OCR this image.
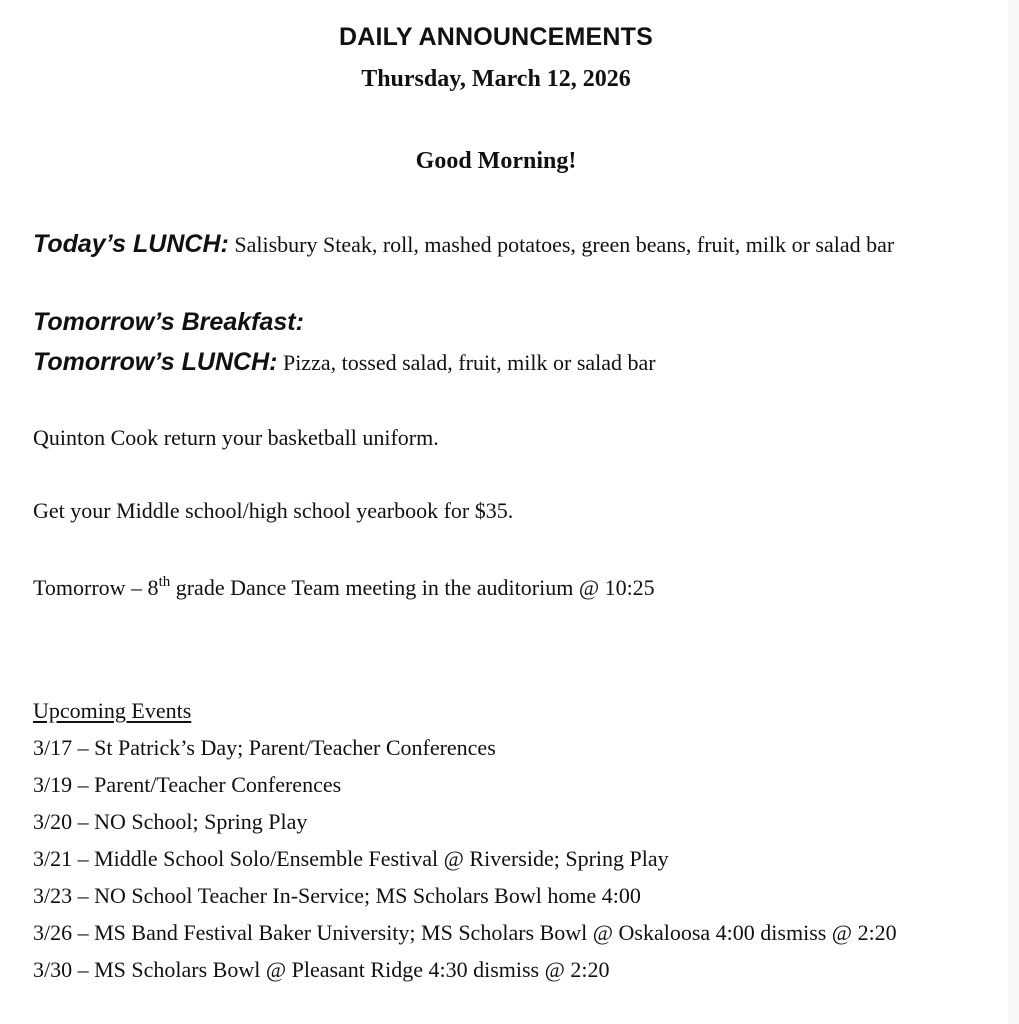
DAILY ANNOUNCEMENTS
Thursday, March 12, 2026
Good Morning!
Today’s LUNCH: Salisbury Steak, roll, mashed potatoes, green beans, fruit, milk or salad bar
Tomorrow’s Breakfast:
Tomorrow’s LUNCH: Pizza, tossed salad, fruit, milk or salad bar
Quinton Cook return your basketball uniform.
Get your Middle school/high school yearbook for $35.
Tomorrow – 8th grade Dance Team meeting in the auditorium @ 10:25
Upcoming Events
3/17 – St Patrick’s Day; Parent/Teacher Conferences
3/19 – Parent/Teacher Conferences
3/20 – NO School; Spring Play
3/21 – Middle School Solo/Ensemble Festival @ Riverside; Spring Play
3/23 – NO School Teacher In-Service; MS Scholars Bowl home 4:00
3/26 – MS Band Festival Baker University; MS Scholars Bowl @ Oskaloosa 4:00 dismiss @ 2:20
3/30 – MS Scholars Bowl @ Pleasant Ridge 4:30 dismiss @ 2:20
